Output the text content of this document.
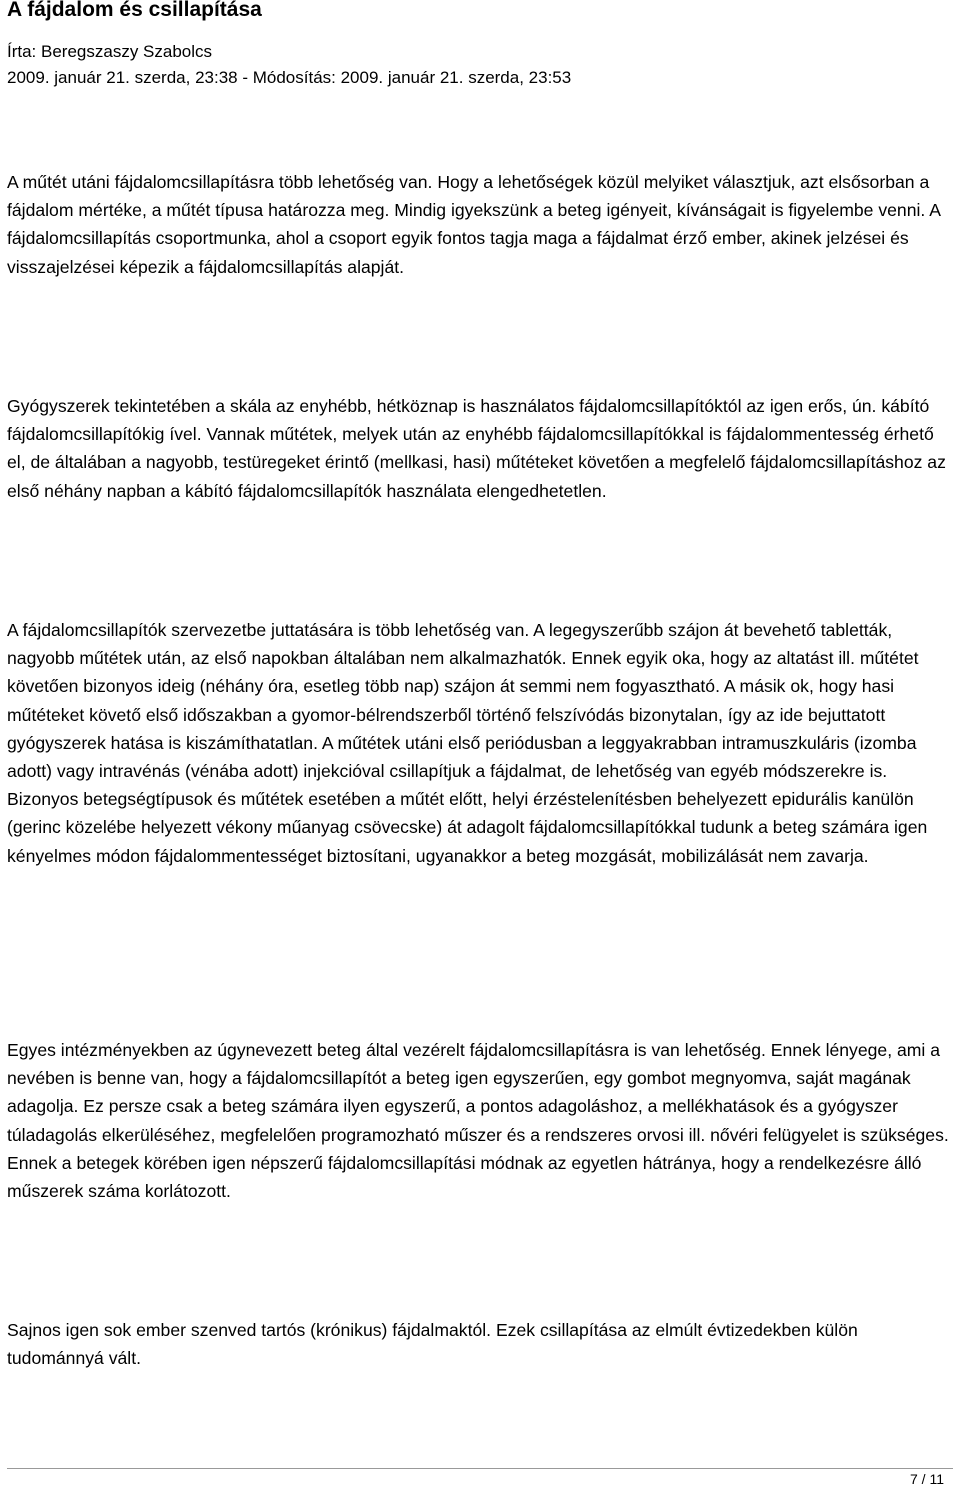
A fájdalom és csillapítása
Írta: Beregszaszy Szabolcs
2009. január 21. szerda, 23:38 - Módosítás: 2009. január 21. szerda, 23:53

A műtét utáni fájdalomcsillapításra több lehetőség van. Hogy a lehetőségek közül melyiket választjuk, azt elsősorban a fájdalom mértéke, a műtét típusa határozza meg. Mindig igyekszünk a beteg igényeit, kívánságait is figyelembe venni. A fájdalomcsillapítás csoportmunka, ahol a csoport egyik fontos tagja maga a fájdalmat érző ember, akinek jelzései és visszajelzései képezik a fájdalomcsillapítás alapját.

Gyógyszerek tekintetében a skála az enyhébb, hétköznap is használatos fájdalomcsillapítóktól az igen erős, ún. kábító fájdalomcsillapítókig ível. Vannak műtétek, melyek után az enyhébb fájdalomcsillapítókkal is fájdalommentesség érhető el, de általában a nagyobb, testüregeket érintő (mellkasi, hasi) műtéteket követően a megfelelő fájdalomcsillapításhoz az első néhány napban a kábító fájdalomcsillapítók használata elengedhetetlen.

A fájdalomcsillapítók szervezetbe juttatására is több lehetőség van. A legegyszerűbb szájon át bevehető tabletták, nagyobb műtétek után, az első napokban általában nem alkalmazhatók. Ennek egyik oka, hogy az altatást ill. műtétet követően bizonyos ideig (néhány óra, esetleg több nap) szájon át semmi nem fogyasztható. A másik ok, hogy hasi műtéteket követő első időszakban a gyomor-bélrendszerből történő felszívódás bizonytalan, így az ide bejuttatott gyógyszerek hatása is kiszámíthatatlan. A műtétek utáni első periódusban a leggyakrabban intramuszkuláris (izomba adott) vagy intravénás (vénába adott) injekcióval csillapítjuk a fájdalmat, de lehetőség van egyéb módszerekre is. Bizonyos betegségtípusok és műtétek esetében a műtét előtt, helyi érzéstelenítésben behelyezett epidurális kanülön (gerinc közelébe helyezett vékony műanyag csövecske) át adagolt fájdalomcsillapítókkal tudunk a beteg számára igen kényelmes módon fájdalommentességet biztosítani, ugyanakkor a beteg mozgását, mobilizálását nem zavarja.

Egyes intézményekben az úgynevezett beteg által vezérelt fájdalomcsillapításra is van lehetőség. Ennek lényege, ami a nevében is benne van, hogy a fájdalomcsillapítót a beteg igen egyszerűen, egy gombot megnyomva, saját magának adagolja. Ez persze csak a beteg számára ilyen egyszerű, a pontos adagoláshoz, a mellékhatások és a gyógyszer túladagolás elkerüléséhez, megfelelően programozható műszer és a rendszeres orvosi ill. nővéri felügyelet is szükséges. Ennek a betegek körében igen népszerű fájdalomcsillapítási módnak az egyetlen hátránya, hogy a rendelkezésre álló műszerek száma korlátozott.

Sajnos igen sok ember szenved tartós (krónikus) fájdalmaktól. Ezek csillapítása az elmúlt évtizedekben külön tudománnyá vált.

7 / 11
